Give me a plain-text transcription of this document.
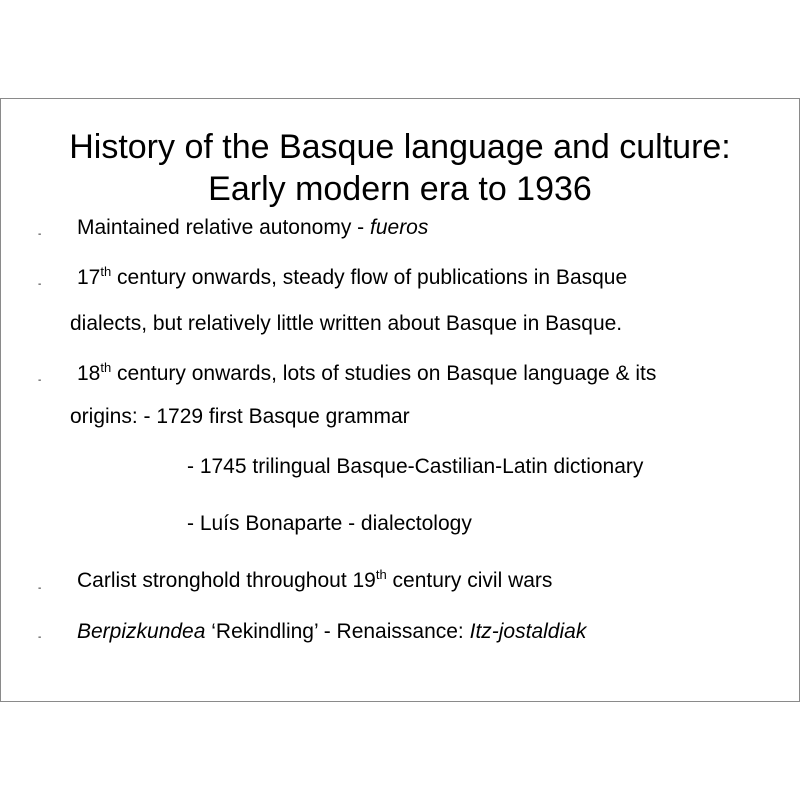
History of the Basque language and culture:
Early modern era to 1936
- Maintained relative autonomy - fueros
- 17th century onwards, steady flow of publications in Basque
dialects, but relatively little written about Basque in Basque.
- 18th century onwards, lots of studies on Basque language & its
origins: - 1729 first Basque grammar
- 1745 trilingual Basque-Castilian-Latin dictionary
- Luís Bonaparte - dialectology
- Carlist stronghold throughout 19th century civil wars
- Berpizkundea ‘Rekindling’ - Renaissance: Itz-jostaldiak
